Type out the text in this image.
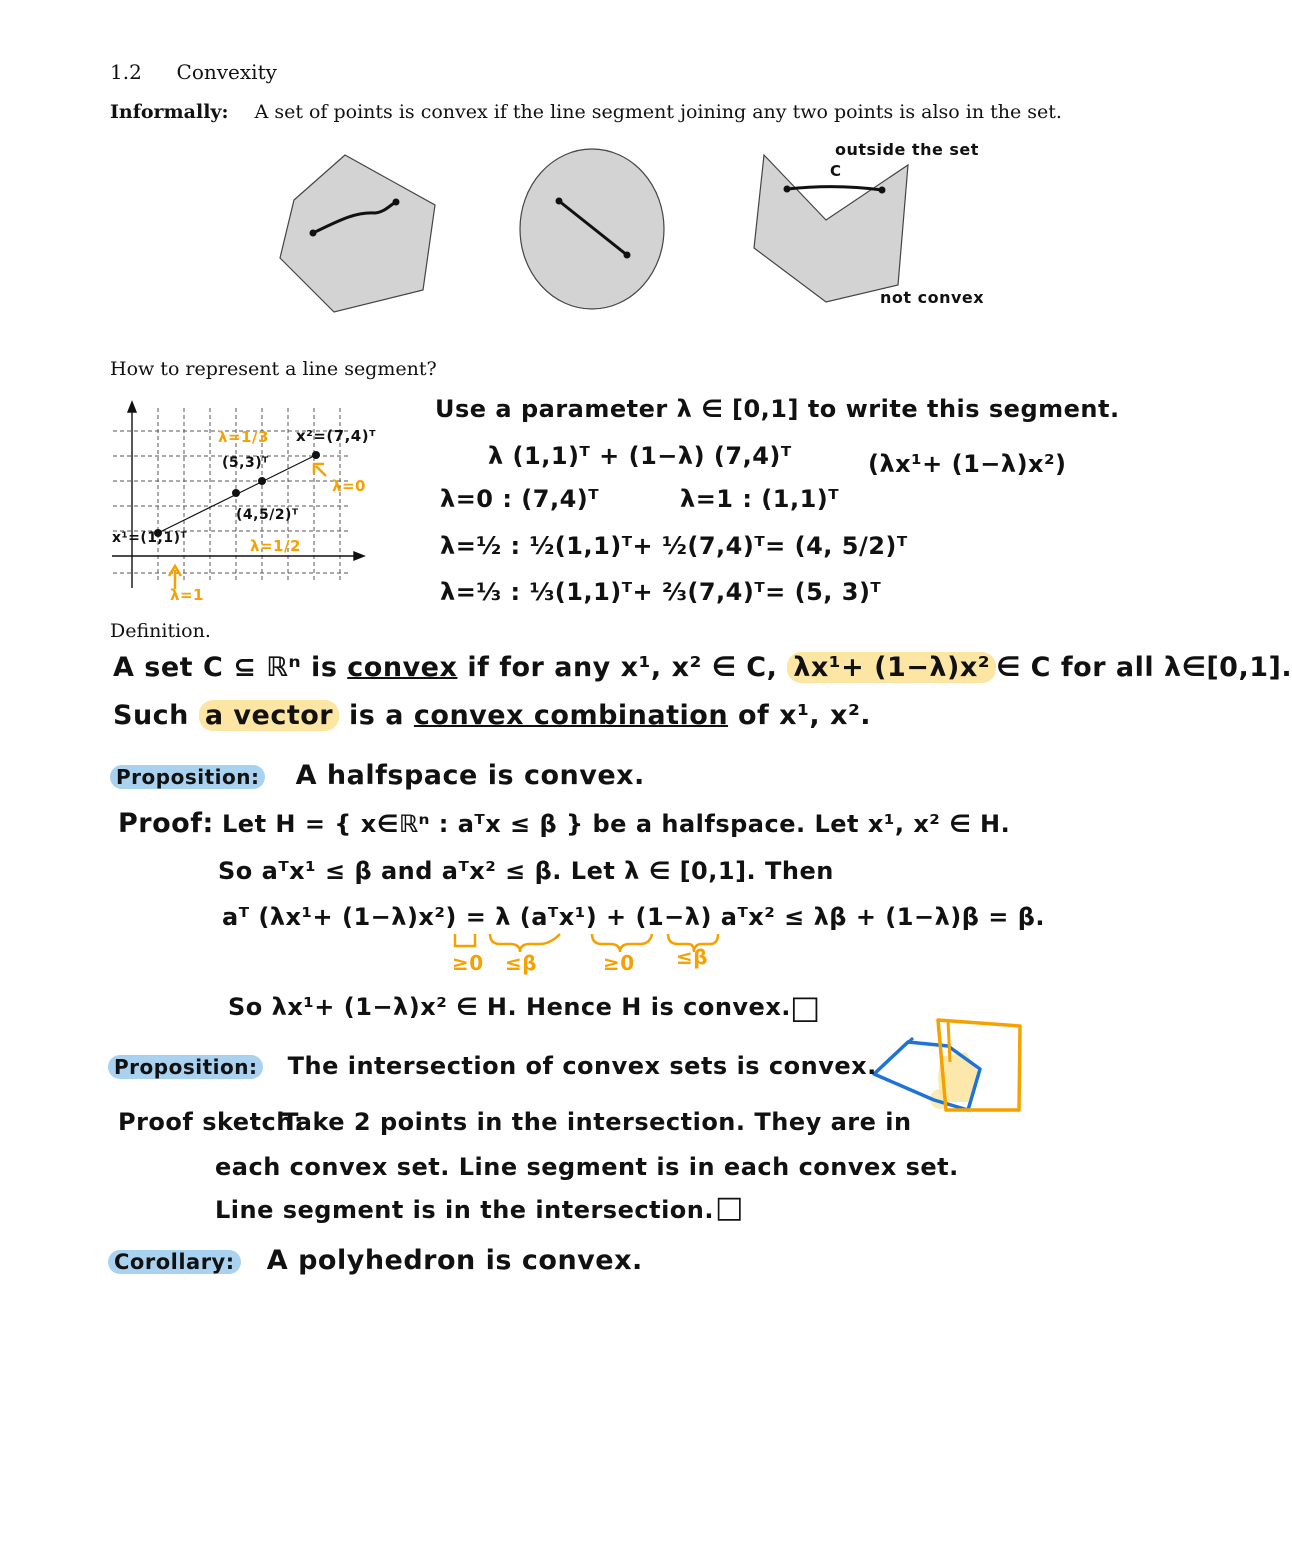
1.2 Convexity
Informally: A set of points is convex if the line segment joining any two points is also in the set.
outside the set
C
not convex
How to represent a line segment?
x²=(7,4)ᵀ
(5,3)ᵀ
(4,5/2)ᵀ
x¹=(1,1)ᵀ
λ=1/3
λ=0
λ=1/2
λ=1
Use a parameter λ ∈ [0,1] to write this segment.
λ (1,1)ᵀ + (1−λ) (7,4)ᵀ	(λx¹+ (1−λ)x²)
λ=0 : (7,4)ᵀ	λ=1 : (1,1)ᵀ
λ=½ : ½(1,1)ᵀ+ ½(7,4)ᵀ= (4, 5/2)ᵀ
λ=⅓ : ⅓(1,1)ᵀ+ ⅔(7,4)ᵀ= (5, 3)ᵀ
Definition.
A set C ⊆ ℝⁿ is convex if for any x¹, x² ∈ C, λx¹+ (1−λ)x² ∈ C for all λ∈[0,1].
Such a vector is a convex combination of x¹, x².
Proposition: A halfspace is convex.
Proof: Let H = { x∈ℝⁿ : aᵀx ≤ β } be a halfspace. Let x¹, x² ∈ H.
So aᵀx¹ ≤ β and aᵀx² ≤ β. Let λ ∈ [0,1]. Then
aᵀ (λx¹+ (1−λ)x²) = λ (aᵀx¹) + (1−λ) aᵀx² ≤ λβ + (1−λ)β = β.
≥0 ≤β	≥0 ≤β
So λx¹+ (1−λ)x² ∈ H. Hence H is convex. □
Proposition: The intersection of convex sets is convex.
Proof sketch:
Take 2 points in the intersection. They are in
each convex set. Line segment is in each convex set.
Line segment is in the intersection. □
Corollary: A polyhedron is convex.
